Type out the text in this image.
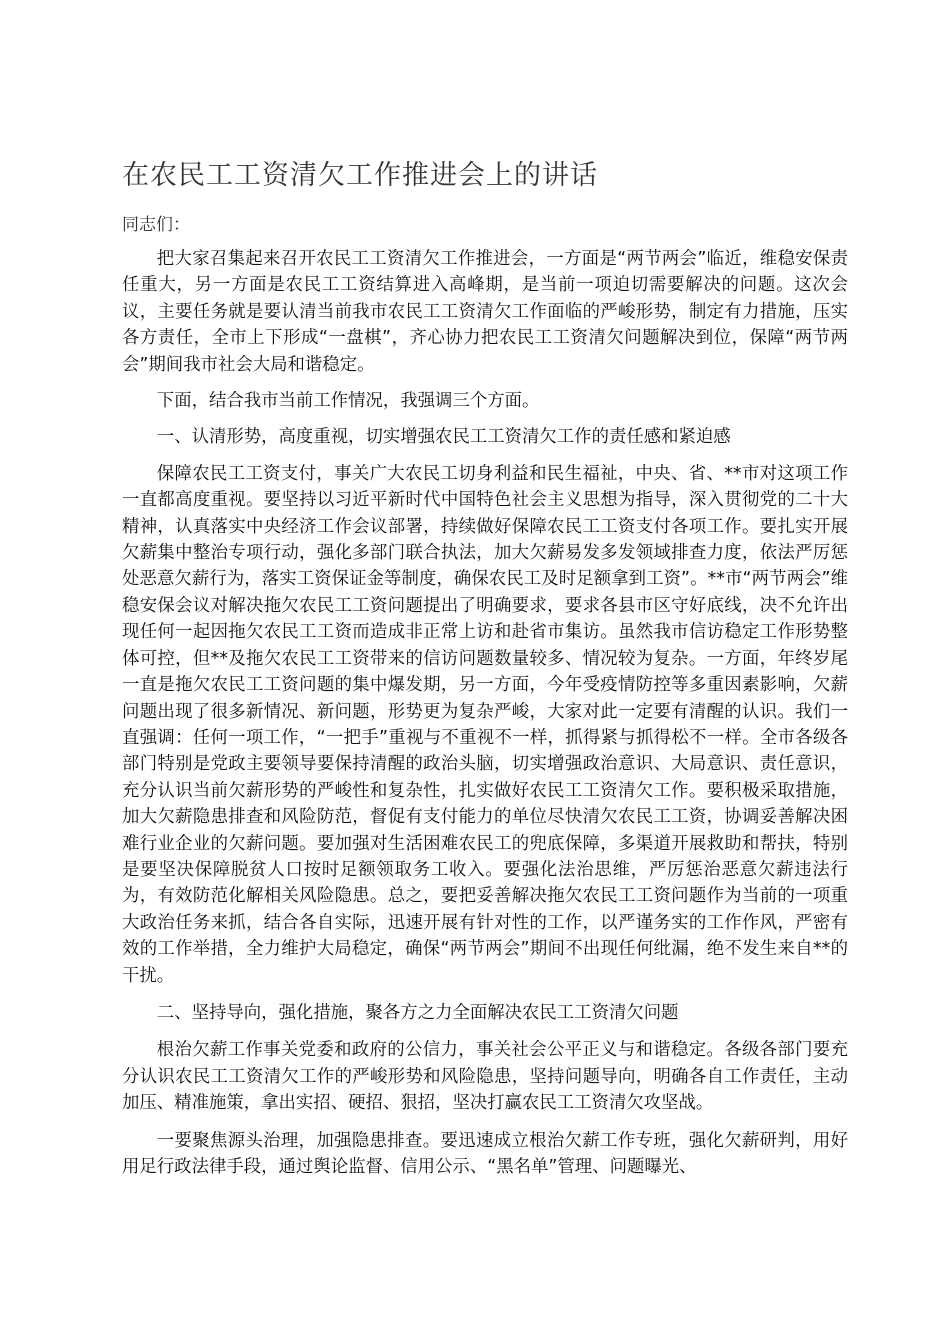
在农民工工资清欠工作推进会上的讲话

同志们：

把大家召集起来召开农民工工资清欠工作推进会，一方面是“两节两会”临近，维稳安保责任重大，另一方面是农民工工资结算进入高峰期，是当前一项迫切需要解决的问题。这次会议，主要任务就是要认清当前我市农民工工资清欠工作面临的严峻形势，制定有力措施，压实各方责任，全市上下形成“一盘棋”，齐心协力把农民工工资清欠问题解决到位，保障“两节两会”期间我市社会大局和谐稳定。

下面，结合我市当前工作情况，我强调三个方面。

一、认清形势，高度重视，切实增强农民工工资清欠工作的责任感和紧迫感

保障农民工工资支付，事关广大农民工切身利益和民生福祉，中央、省、**市对这项工作一直都高度重视。要坚持以习近平新时代中国特色社会主义思想为指导，深入贯彻党的二十大精神，认真落实中央经济工作会议部署，持续做好保障农民工工资支付各项工作。要扎实开展欠薪集中整治专项行动，强化多部门联合执法，加大欠薪易发多发领域排查力度，依法严厉惩处恶意欠薪行为，落实工资保证金等制度，确保农民工及时足额拿到工资”。**市“两节两会”维稳安保会议对解决拖欠农民工工资问题提出了明确要求，要求各县市区守好底线，决不允许出现任何一起因拖欠农民工工资而造成非正常上访和赴省市集访。虽然我市信访稳定工作形势整体可控，但**及拖欠农民工工资带来的信访问题数量较多、情况较为复杂。一方面，年终岁尾一直是拖欠农民工工资问题的集中爆发期，另一方面，今年受疫情防控等多重因素影响，欠薪问题出现了很多新情况、新问题，形势更为复杂严峻，大家对此一定要有清醒的认识。我们一直强调：任何一项工作，“一把手”重视与不重视不一样，抓得紧与抓得松不一样。全市各级各部门特别是党政主要领导要保持清醒的政治头脑，切实增强政治意识、大局意识、责任意识，充分认识当前欠薪形势的严峻性和复杂性，扎实做好农民工工资清欠工作。要积极采取措施，加大欠薪隐患排查和风险防范，督促有支付能力的单位尽快清欠农民工工资，协调妥善解决困难行业企业的欠薪问题。要加强对生活困难农民工的兜底保障，多渠道开展救助和帮扶，特别是要坚决保障脱贫人口按时足额领取务工收入。要强化法治思维，严厉惩治恶意欠薪违法行为，有效防范化解相关风险隐患。总之，要把妥善解决拖欠农民工工资问题作为当前的一项重大政治任务来抓，结合各自实际，迅速开展有针对性的工作，以严谨务实的工作作风，严密有效的工作举措，全力维护大局稳定，确保“两节两会”期间不出现任何纰漏，绝不发生来自**的干扰。

二、坚持导向，强化措施，聚各方之力全面解决农民工工资清欠问题

根治欠薪工作事关党委和政府的公信力，事关社会公平正义与和谐稳定。各级各部门要充分认识农民工工资清欠工作的严峻形势和风险隐患，坚持问题导向，明确各自工作责任，主动加压、精准施策，拿出实招、硬招、狠招，坚决打赢农民工工资清欠攻坚战。

一要聚焦源头治理，加强隐患排查。要迅速成立根治欠薪工作专班，强化欠薪研判，用好用足行政法律手段，通过舆论监督、信用公示、“黑名单”管理、问题曝光、
